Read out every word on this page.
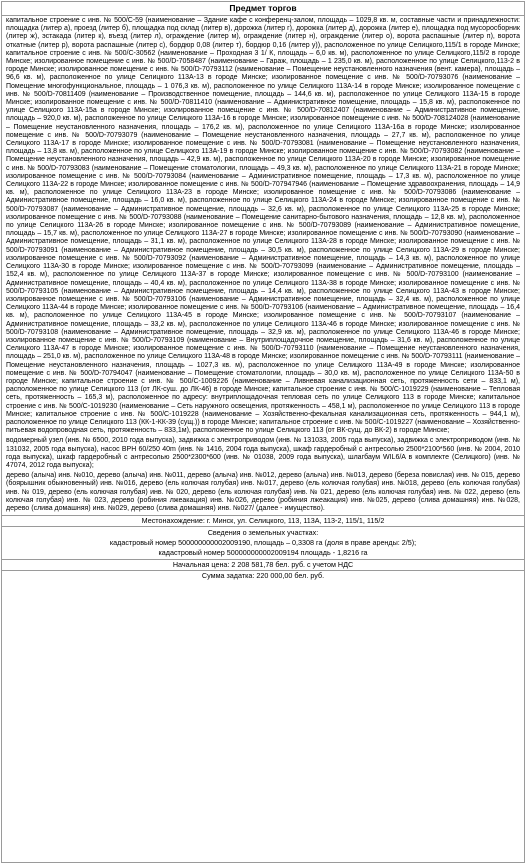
Предмет торгов
капитальное строение с инв. № 500/С-59 (наименование – Здание кафе с конференц-залом, площадь – 1029,8 кв. м, составные части и принадлежности: площадка (литер а), проезд (литер б), площадка под склад (литер в), дорожка (литер г), дорожка (литер д), дорожка (литер е), площадка под мусоросборник (литер ж), эстакада (литер к), въезд (литер л), ограждение (литер м), ограждение (литер н), ограждение (литер о), ворота распашные (литер п), ворота откатные (литер р), ворота распашные (литер с), бордюр 0,08 (литер т), бордюр 0,16 (литер у)), расположенное по улице Селицкого,115/1 в городе Минске; капитальное строение с инв. № 500/С-30562 (наименование – Проходная 3 1/ К, площадь – 6,0 кв. м), расположенное по улице Селицкого,115/2 в городе Минске; изолированное помещение с инв. № 500/D-7058487 (наименование – Гараж, площадь – 1 235,0 кв. м), расположенное по улице Селицкого,113-2 в городе Минске; изолированное помещение с инв. № 500/D-70793112 (наименование – Помещение неустановленного назначения (вент. камера), площадь – 96,6 кв. м), расположенное по улице Селицкого 113А-13 в городе Минске; изолированное помещение с инв. № 500/D-70793076 (наименование – Помещение многофункциональное, площадь – 1 076,3 кв. м), расположенное по улице Селицкого 113А-14 в городе Минске; изолированное помещение с инв. № 500/D-70811409 (наименование – Производственное помещение, площадь – 144,6 кв. м), расположенное по улице Селицкого 113А-15 в городе Минске; изолированное помещение с инв. № 500/D-70811410 (наименование – Административное помещение, площадь – 15,8 кв. м), расположенное по улице Селицкого 113А-15а в городе Минске; изолированное помещение с инв. № 500/D-70812407 (наименование – Административное помещение, площадь – 920,0 кв. м), расположенное по улице Селицкого 113А-16 в городе Минске; изолированное помещение с инв. № 500/D-708124028 (наименование – Помещение неустановленного назначения, площадь – 176,2 кв. м), расположенное по улице Селицкого 113А-16а в городе Минске; изолированное помещение с инв. № 500/D-70793079 (наименование – Помещение неустановленного назначения, площадь – 27,7 кв. м), расположенное по улице Селицкого 113А-17 в городе Минске; изолированное помещение с инв. № 500/D-70793081 (наименование – Помещение неустановленного назначения, площадь – 13,8 кв. м), расположенное по улице Селицкого 113А-19 в городе Минске; изолированное помещение с инв. № 500/D-70793082 (наименование – Помещение неустановленного назначения, площадь – 42,9 кв. м), расположенное по улице Селицкого 113А-20 в городе Минске; изолированное помещение с инв. № 500/D-70793083 (наименование – Помещение стоматологии, площадь – 49,3 кв. м), расположенное по улице Селицкого 113А-21 в городе Минске; изолированное помещение с инв. № 500/D-70793084 (наименование – Административное помещение, площадь – 17,3 кв. м), расположенное по улице Селицкого 113А-22 в городе Минске; изолированное помещение с инв. № 500/D-707947946 (наименование – Помещение здравоохранения, площадь – 14,9 кв. м), расположенное по улице Селицкого 113А-23 в городе Минске; изолированное помещение с инв. № 500/D-70793086 (наименование – Административное помещение, площадь – 16,0 кв. м), расположенное по улице Селицкого 113А-24 в городе Минске; изолированное помещение с инв. № 500/D-70793087 (наименование – Административное помещение, площадь – 32,6 кв. м), расположенное по улице Селицкого 113А-25 в городе Минске; изолированное помещение с инв. № 500/D-70793088 (наименование – Помещение санитарно-бытового назначения, площадь – 12,8 кв. м), расположенное по улице Селицкого 113А-26 в городе Минске; изолированное помещение с инв. № 500/D-70793089 (наименование – Административное помещение, площадь – 15,7 кв. м), расположенное по улице Селицкого 113А-27 в городе Минске; изолированное помещение с инв. № 500/D-70793090 (наименование – Административное помещение, площадь – 31,1 кв. м), расположенное по улице Селицкого 113А-28 в городе Минске; изолированное помещение с инв. № 500/D-70793091 (наименование – Административное помещение, площадь – 30,5 кв. м), расположенное по улице Селицкого 113А-29 в городе Минске; изолированное помещение с инв. № 500/D-70793092 (наименование – Административное помещение, площадь – 14,3 кв. м), расположенное по улице Селицкого 113А-30 в городе Минске; изолированное помещение с инв. № 500/D-70793099 (наименование – Административное помещение, площадь – 152,4 кв. м), расположенное по улице Селицкого 113А-37 в городе Минске; изолированное помещение с инв. № 500/D-70793100 (наименование – Административное помещение, площадь – 40,4 кв. м), расположенное по улице Селицкого 113А-38 в городе Минске; изолированное помещение с инв. № 500/D-70793105 (наименование – Административное помещение, площадь – 14,4 кв. м), расположенное по улице Селицкого 113А-43 в городе Минске; изолированное помещение с инв. № 500/D-70793106 (наименование – Административное помещение, площадь – 32,4 кв. м), расположенное по улице Селицкого 113А-44 в городе Минске; изолированное помещение с инв. № 500/D-70793106 (наименование – Административное помещение, площадь – 16,4 кв. м), расположенное по улице Селицкого 113А-45 в городе Минске; изолированное помещение с инв. № 500/D-70793107 (наименование – Административное помещение, площадь – 33,2 кв. м), расположенное по улице Селицкого 113А-46 в городе Минске; изолированное помещение с инв. № 500/D-70793108 (наименование – Административное помещение, площадь – 32,9 кв. м), расположенное по улице Селицкого 113А-46 в городе Минске; изолированное помещение с инв. № 500/D-70793109 (наименование – Внутриплощадочное помещение, площадь – 31,6 кв. м), расположенное по улице Селицкого 113А-47 в городе Минске; изолированное помещение с инв. № 500/D-70793110 (наименование – Помещение неустановленного назначения, площадь – 251,0 кв. м), расположенное по улице Селицкого 113А-48 в городе Минске; изолированное помещение с инв. № 500/D-70793111 (наименование – Помещение неустановленного назначения, площадь – 1027,3 кв. м), расположенное по улице Селицкого 113А-49 в городе Минске; изолированное помещение с инв. № 500/D-70794047 (наименование – Помещение стоматологии, площадь – 30,0 кв. м), расположенное по улице Селицкого 113А-50 в городе Минске; капитальное строение с инв. № 500/С-1009226 (наименование – Ливневая канализационная сеть, протяженность сети – 833,1 м), расположенное по улице Селицкого 113 (от ЛК-суш. до ЛК-46) в городе Минске; капитальное строение с инв. № 500/С-1019229 (наименование – Тепловая сеть, протяженность – 165,3 м), расположенное по адресу: внутриплощадочная тепловая сеть по улице Селицкого 113 в городе Минске; капитальное строение с инв. № 500/С-1019230 (наименование – Сеть наружного освещения, протяженность – 458,1 м), расположенное по улице Селицкого 113 в городе Минске; капитальное строение с инв. № 500/С-1019228 (наименование – Хозяйственно-фекальная канализационная сеть, протяженность – 944,1 м), расположенное по улице Селицкого 113 (КК-1-КК-39 (сущ.)) в городе Минске; капитальное строение с инв. № 500/С-1019227 (наименование – Хозяйственно-питьевая водопроводная сеть, протяженность – 833,1м), расположенное по улице Селицкого 113 (от ВК-сущ. до ВК-2) в городе Минске;
водомерный узел (инв. № 6500, 2010 года выпуска), задвижка с электроприводом (инв. № 131033, 2005 года выпуска), задвижка с электроприводом (инв. № 131032, 2005 года выпуска), насос ВРН 60/250 40m (инв. № 1416, 2004 года выпуска), шкаф гардеробный с антресолью 2500*2100*560 (инв. № 2004, 2010 года выпуска), шкаф гардеробный с антресолью 2500*2300*600 (инв. № 01038, 2009 года выпуска), шлагбаум WIL6/A в комплекте (Селицкого) (инв. № 47074, 2012 года выпуска);
дерево (алыча) инв. №010, дерево (алыча) инв. №011, дерево (алыча) инв. №012, дерево (алыча) инв. №013, дерево (береза повислая) инв. № 015, дерево (боярышник обыкновенный) инв. №016, дерево (ель колючая голубая) инв. №017, дерево (ель колючая голубая) инв. №018, дерево (ель колючая голубая) инв. № 019, дерево (ель колючая голубая) инв. № 020, дерево (ель колючая голубая) инв. № 021, дерево (ель колючая голубая) инв. № 022, дерево (ель колючая голубая) инв. № 023, дерево (робиния лжеакация) инв. №026, дерево (робиния лжеакация) инв. №025, дерево (слива домашняя) инв. №028, дерево (слива домашняя) инв. №029, дерево (слива домашняя) инв. №027/ (далее - имущество).
Местонахождение: г. Минск, ул. Селицкого, 113, 113А, 113-2, 115/1, 115/2
Сведения о земельных участках:
кадастровый номер 500000000002009190, площадь – 0,3308 га (доля в праве аренды: 2/5);
кадастровый номер 500000000002009194 площадь - 1,8216 га
Начальная цена: 2 208 581,78 бел. руб. с учетом НДС
Сумма задатка: 220 000,00 бел. руб.
